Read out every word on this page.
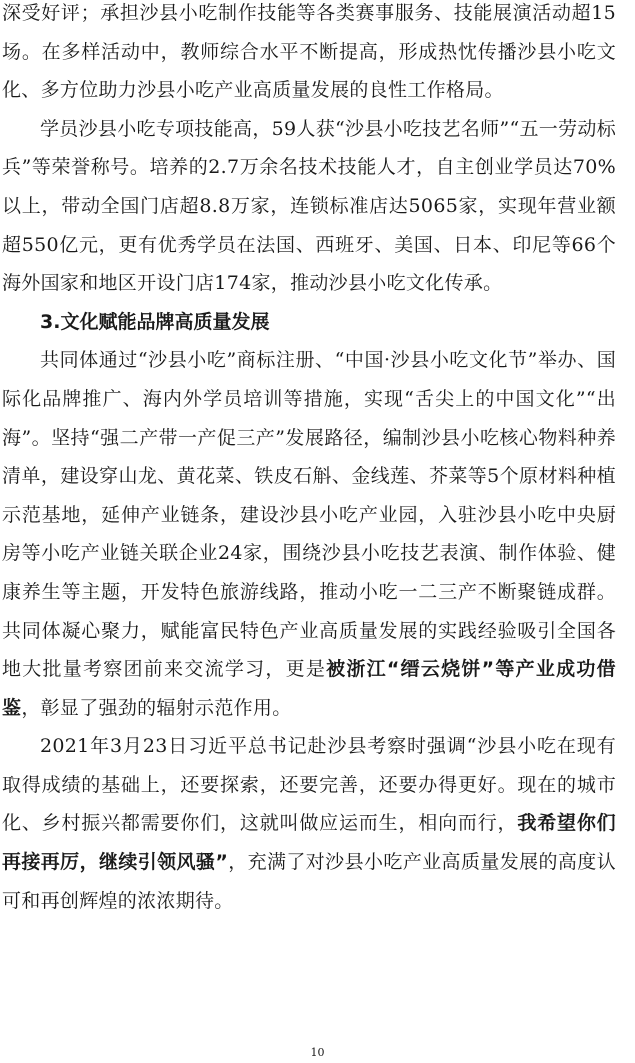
深受好评；承担沙县小吃制作技能等各类赛事服务、技能展演活动超15场。在多样活动中，教师综合水平不断提高，形成热忱传播沙县小吃文化、多方位助力沙县小吃产业高质量发展的良性工作格局。

学员沙县小吃专项技能高，59人获“沙县小吃技艺名师”“五一劳动标兵”等荣誉称号。培养的2.7万余名技术技能人才，自主创业学员达70%以上，带动全国门店超8.8万家，连锁标准店达5065家，实现年营业额超550亿元，更有优秀学员在法国、西班牙、美国、日本、印尼等66个海外国家和地区开设门店174家，推动沙县小吃文化传承。

3.文化赋能品牌高质量发展

共同体通过“沙县小吃”商标注册、“中国·沙县小吃文化节”举办、国际化品牌推广、海内外学员培训等措施，实现“舌尖上的中国文化”“出海”。坚持“强二产带一产促三产”发展路径，编制沙县小吃核心物料种养清单，建设穿山龙、黄花菜、铁皮石斛、金线莲、芥菜等5个原材料种植示范基地，延伸产业链条，建设沙县小吃产业园，入驻沙县小吃中央厨房等小吃产业链关联企业24家，围绕沙县小吃技艺表演、制作体验、健康养生等主题，开发特色旅游线路，推动小吃一二三产不断聚链成群。共同体凝心聚力，赋能富民特色产业高质量发展的实践经验吸引全国各地大批量考察团前来交流学习，更是被浙江“缙云烧饼”等产业成功借鉴，彰显了强劲的辐射示范作用。

2021年3月23日习近平总书记赴沙县考察时强调“沙县小吃在现有取得成绩的基础上，还要探索，还要完善，还要办得更好。现在的城市化、乡村振兴都需要你们，这就叫做应运而生，相向而行，我希望你们再接再厉，继续引领风骚”，充满了对沙县小吃产业高质量发展的高度认可和再创辉煌的浓浓期待。

10
